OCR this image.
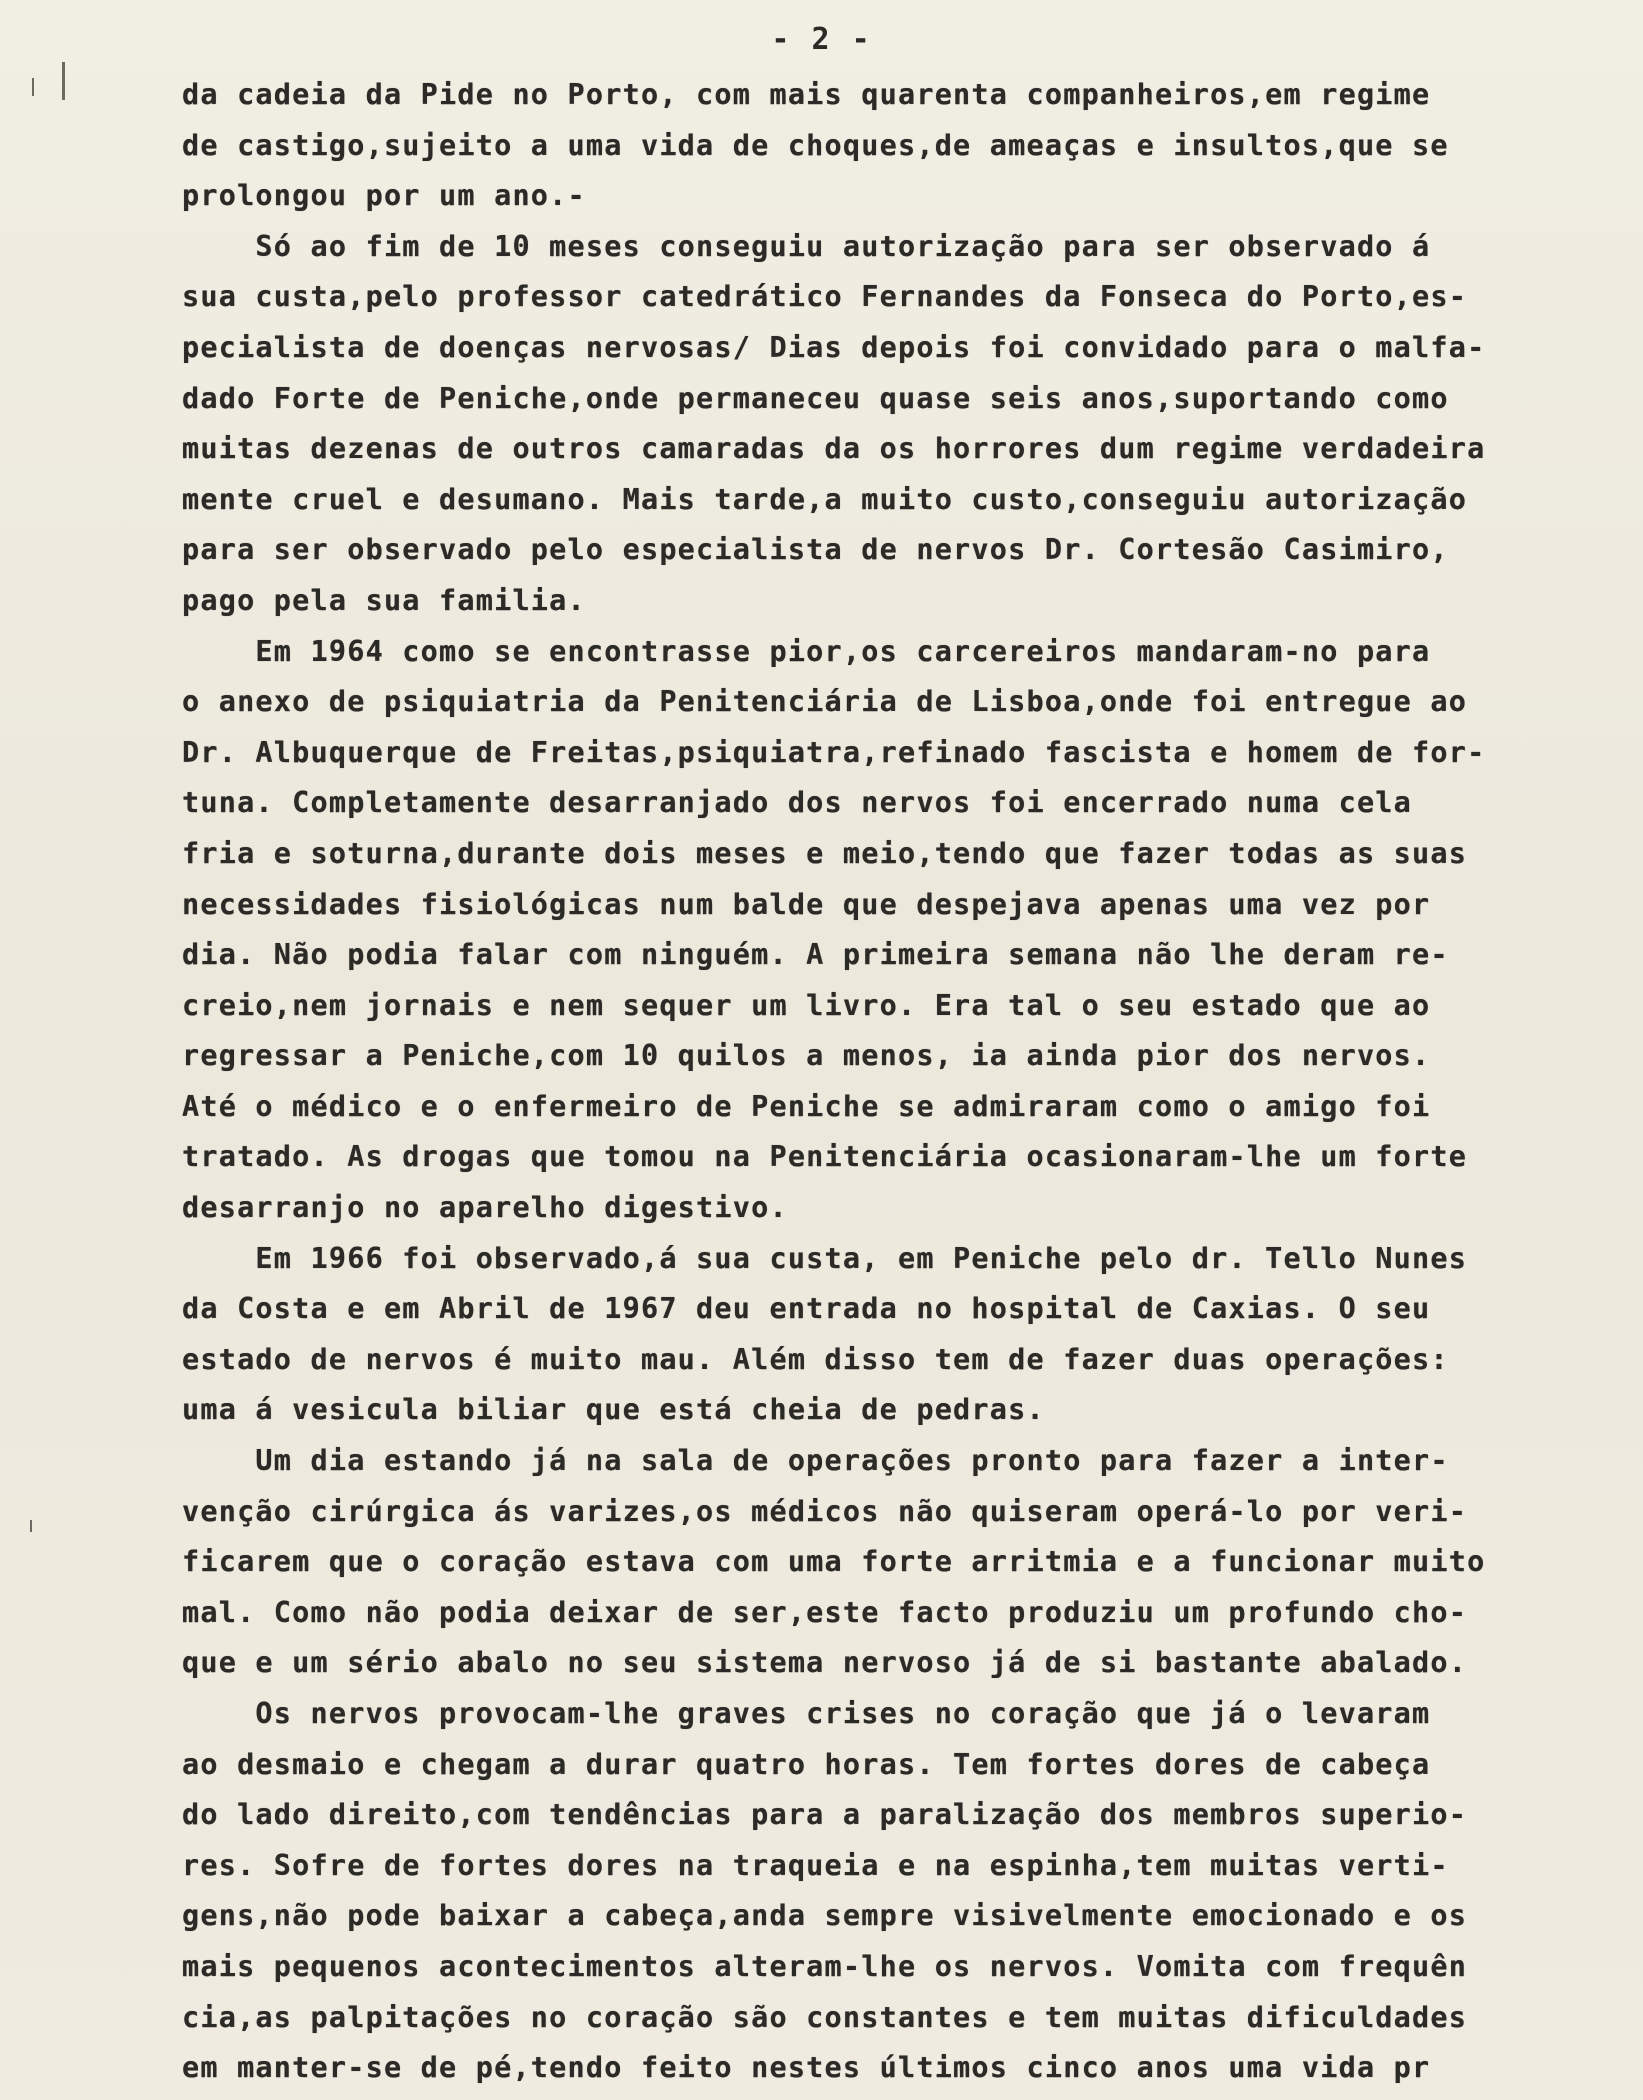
- 2 -
da cadeia da Pide no Porto, com mais quarenta companheiros,em regime
de castigo,sujeito a uma vida de choques,de ameaças e insultos,que se
prolongou por um ano.-
Só ao fim de 10 meses conseguiu autorização para ser observado á
sua custa,pelo professor catedrático Fernandes da Fonseca do Porto,es-
pecialista de doenças nervosas/ Dias depois foi convidado para o malfa-
dado Forte de Peniche,onde permaneceu quase seis anos,suportando como
muitas dezenas de outros camaradas da os horrores dum regime verdadeira
mente cruel e desumano. Mais tarde,a muito custo,conseguiu autorização
para ser observado pelo especialista de nervos Dr. Cortesão Casimiro,
pago pela sua familia.
Em 1964 como se encontrasse pior,os carcereiros mandaram-no para
o anexo de psiquiatria da Penitenciária de Lisboa,onde foi entregue ao
Dr. Albuquerque de Freitas,psiquiatra,refinado fascista e homem de for-
tuna. Completamente desarranjado dos nervos foi encerrado numa cela
fria e soturna,durante dois meses e meio,tendo que fazer todas as suas
necessidades fisiológicas num balde que despejava apenas uma vez por
dia. Não podia falar com ninguém. A primeira semana não lhe deram re-
creio,nem jornais e nem sequer um livro. Era tal o seu estado que ao
regressar a Peniche,com 10 quilos a menos, ia ainda pior dos nervos.
Até o médico e o enfermeiro de Peniche se admiraram como o amigo foi
tratado. As drogas que tomou na Penitenciária ocasionaram-lhe um forte
desarranjo no aparelho digestivo.
Em 1966 foi observado,á sua custa, em Peniche pelo dr. Tello Nunes
da Costa e em Abril de 1967 deu entrada no hospital de Caxias. O seu
estado de nervos é muito mau. Além disso tem de fazer duas operações:
uma á vesicula biliar que está cheia de pedras.
Um dia estando já na sala de operações pronto para fazer a inter-
venção cirúrgica ás varizes,os médicos não quiseram operá-lo por veri-
ficarem que o coração estava com uma forte arritmia e a funcionar muito
mal. Como não podia deixar de ser,este facto produziu um profundo cho-
que e um sério abalo no seu sistema nervoso já de si bastante abalado.
Os nervos provocam-lhe graves crises no coração que já o levaram
ao desmaio e chegam a durar quatro horas. Tem fortes dores de cabeça
do lado direito,com tendências para a paralização dos membros superio-
res. Sofre de fortes dores na traqueia e na espinha,tem muitas verti-
gens,não pode baixar a cabeça,anda sempre visivelmente emocionado e os
mais pequenos acontecimentos alteram-lhe os nervos. Vomita com frequên
cia,as palpitações no coração são constantes e tem muitas dificuldades
em manter-se de pé,tendo feito nestes últimos cinco anos uma vida pr
